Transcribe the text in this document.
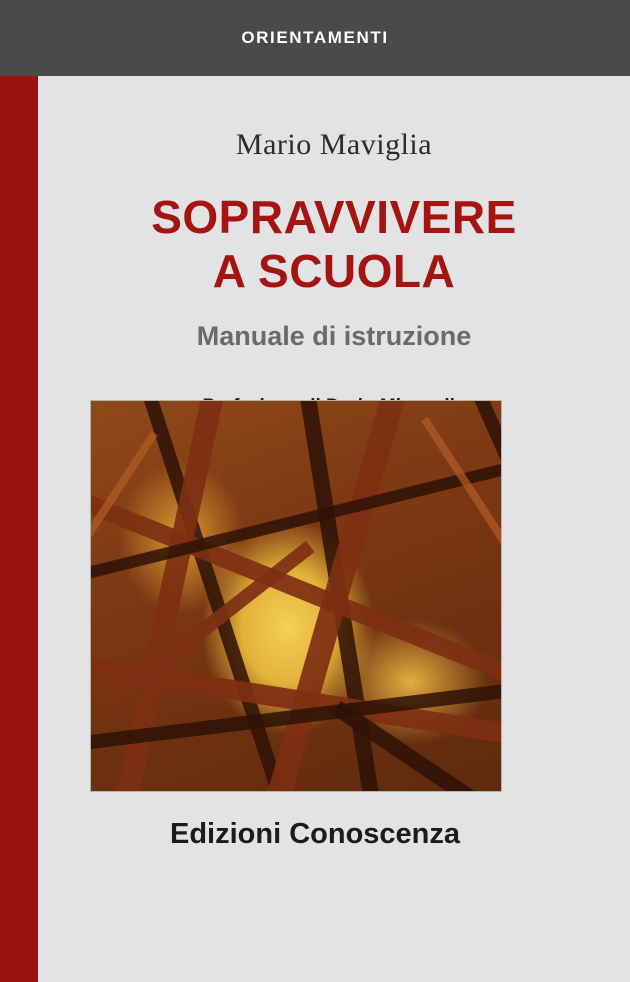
ORIENTAMENTI
Mario Maviglia
SOPRAVVIVERE
A SCUOLA
Manuale di istruzione
Edizioni Conoscenza
